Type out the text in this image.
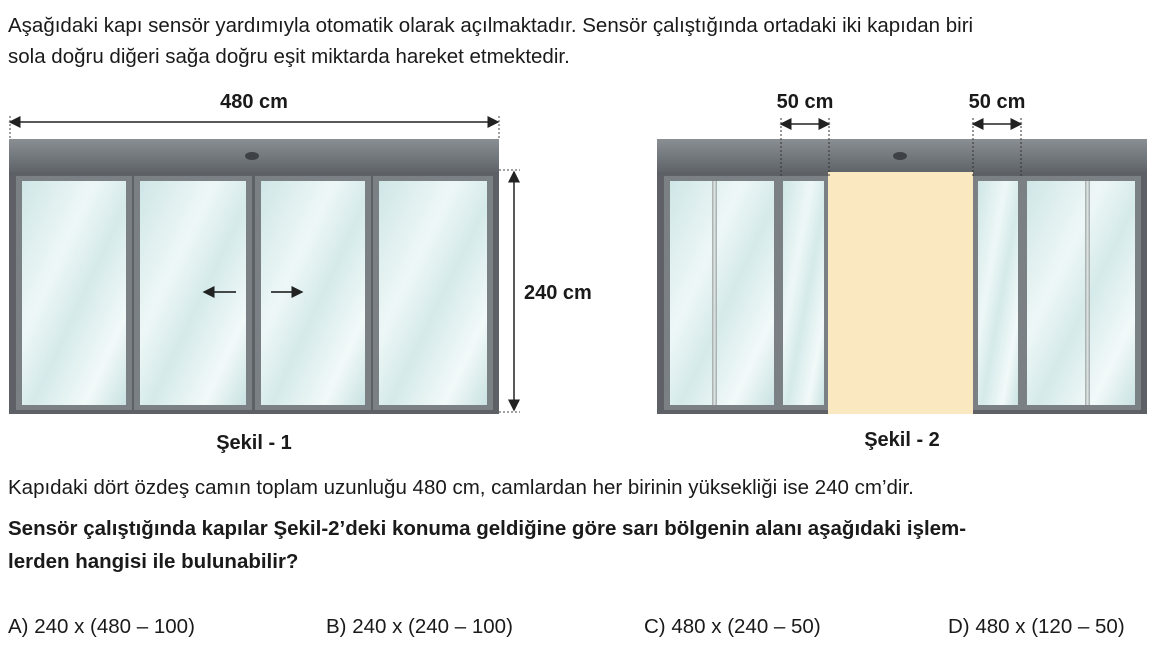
Aşağıdaki kapı sensör yardımıyla otomatik olarak açılmaktadır. Sensör çalıştığında ortadaki iki kapıdan biri

sola doğru diğeri sağa doğru eşit miktarda hareket etmektedir.

480 cm
240 cm
Şekil - 1
50 cm	50 cm
Şekil - 2
Kapıdaki dört özdeş camın toplam uzunluğu 480 cm, camlardan her birinin yüksekliği ise 240 cm’dir.
Sensör çalıştığında kapılar Şekil-2’deki konuma geldiğine göre sarı bölgenin alanı aşağıdaki işlem-
lerden hangisi ile bulunabilir?
A) 240 x (480 – 100)	B) 240 x (240 – 100)	C) 480 x (240 – 50)	D) 480 x (120 – 50)
